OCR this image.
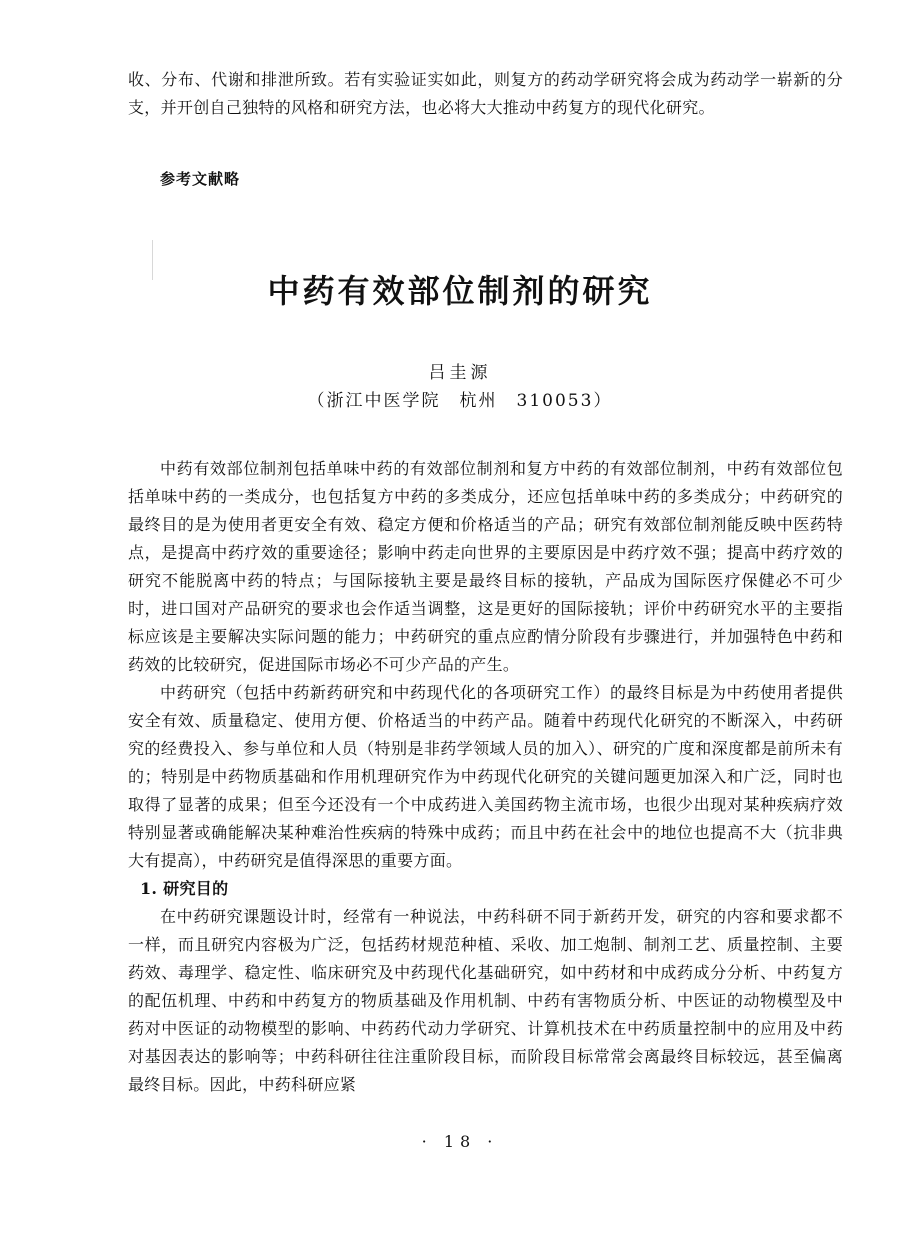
收、分布、代谢和排泄所致。若有实验证实如此，则复方的药动学研究将会成为药动学一崭新的分支，并开创自己独特的风格和研究方法，也必将大大推动中药复方的现代化研究。
参考文献略
中药有效部位制剂的研究
吕圭源
（浙江中医学院　杭州　310053）

中药有效部位制剂包括单味中药的有效部位制剂和复方中药的有效部位制剂，中药有效部位包括单味中药的一类成分，也包括复方中药的多类成分，还应包括单味中药的多类成分；中药研究的最终目的是为使用者更安全有效、稳定方便和价格适当的产品；研究有效部位制剂能反映中医药特点，是提高中药疗效的重要途径；影响中药走向世界的主要原因是中药疗效不强；提高中药疗效的研究不能脱离中药的特点；与国际接轨主要是最终目标的接轨，产品成为国际医疗保健必不可少时，进口国对产品研究的要求也会作适当调整，这是更好的国际接轨；评价中药研究水平的主要指标应该是主要解决实际问题的能力；中药研究的重点应酌情分阶段有步骤进行，并加强特色中药和药效的比较研究，促进国际市场必不可少产品的产生。

中药研究（包括中药新药研究和中药现代化的各项研究工作）的最终目标是为中药使用者提供安全有效、质量稳定、使用方便、价格适当的中药产品。随着中药现代化研究的不断深入，中药研究的经费投入、参与单位和人员（特别是非药学领域人员的加入）、研究的广度和深度都是前所未有的；特别是中药物质基础和作用机理研究作为中药现代化研究的关键问题更加深入和广泛，同时也取得了显著的成果；但至今还没有一个中成药进入美国药物主流市场，也很少出现对某种疾病疗效特别显著或确能解决某种难治性疾病的特殊中成药；而且中药在社会中的地位也提高不大（抗非典大有提高），中药研究是值得深思的重要方面。

1. 研究目的

在中药研究课题设计时，经常有一种说法，中药科研不同于新药开发，研究的内容和要求都不一样，而且研究内容极为广泛，包括药材规范种植、采收、加工炮制、制剂工艺、质量控制、主要药效、毒理学、稳定性、临床研究及中药现代化基础研究，如中药材和中成药成分分析、中药复方的配伍机理、中药和中药复方的物质基础及作用机制、中药有害物质分析、中医证的动物模型及中药对中医证的动物模型的影响、中药药代动力学研究、计算机技术在中药质量控制中的应用及中药对基因表达的影响等；中药科研往往注重阶段目标，而阶段目标常常会离最终目标较远，甚至偏离最终目标。因此，中药科研应紧

· 18 ·
